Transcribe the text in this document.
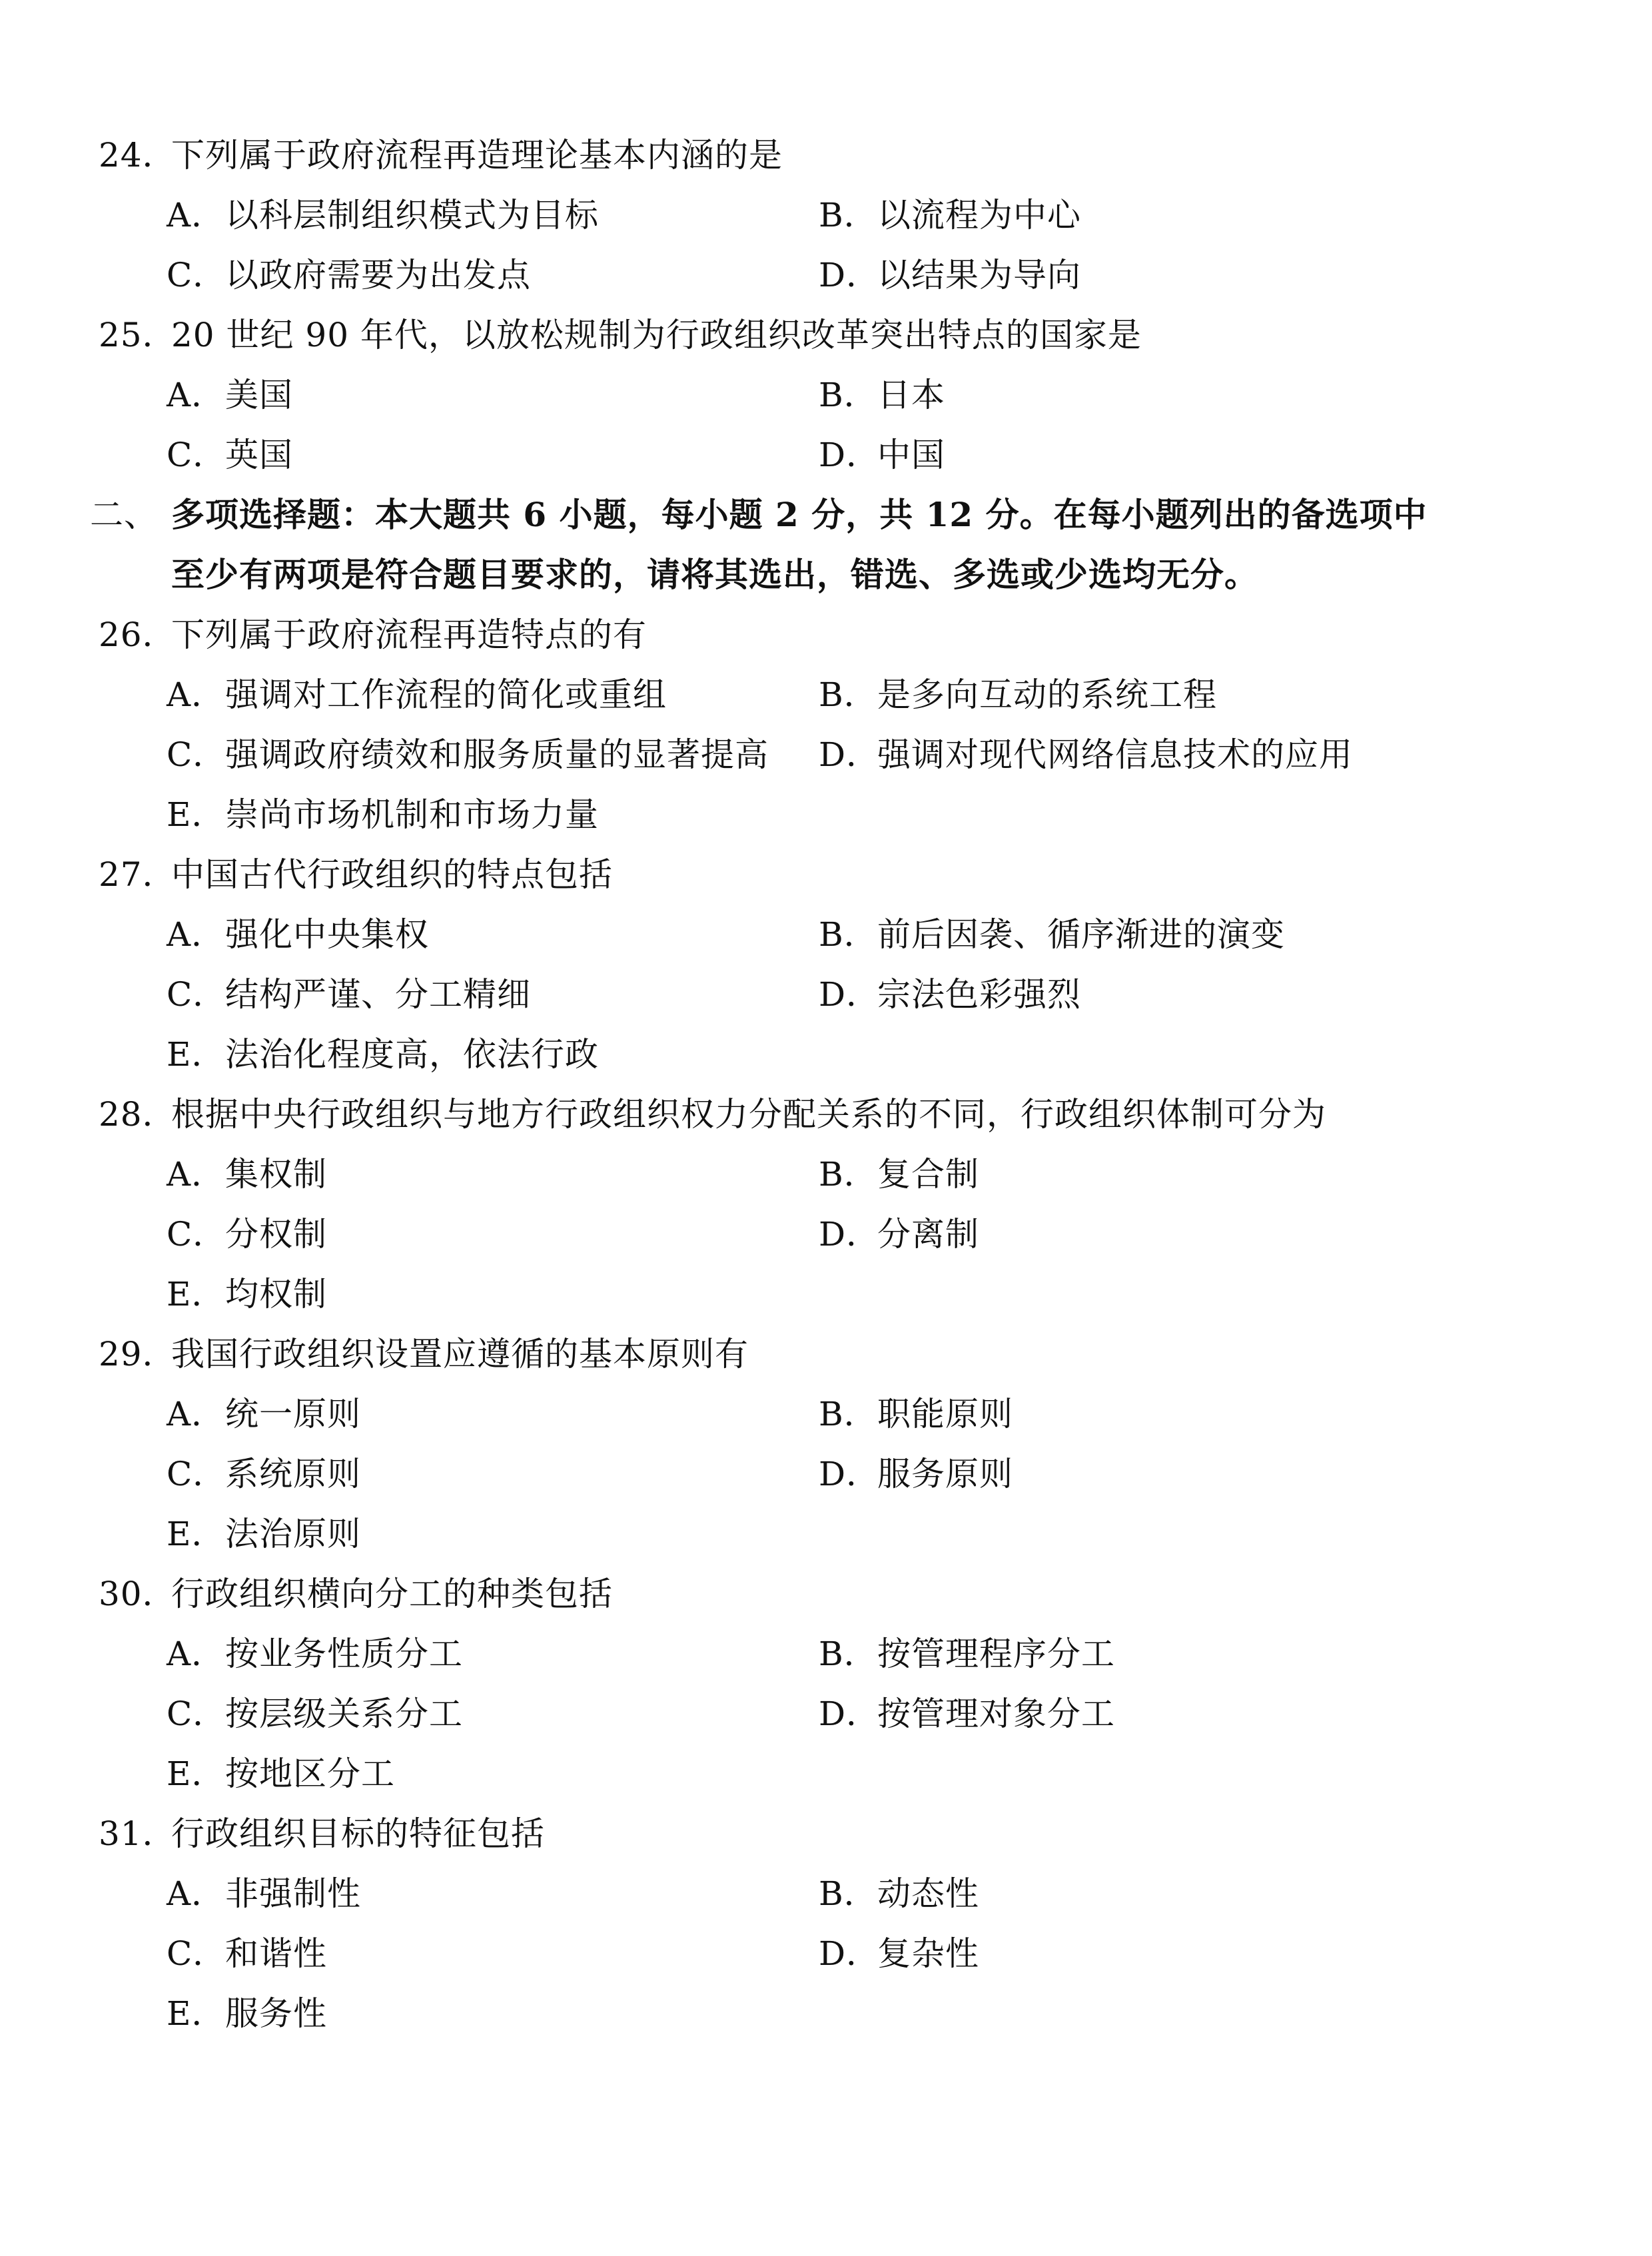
24．
下列属于政府流程再造理论基本内涵的是
A． 以科层制组织模式为目标	B． 以流程为中心
C．
以政府需要为出发点	D．
以结果为导向
25．
20 世纪 90 年代，以放松规制为行政组织改革突出特点的国家是
A． 美国	B． 日本
C．
英国	D．
中国
二、 多项选择题：本大题共 6 小题，每小题 2 分，共 12 分。在每小题列出的备选项中
至少有两项是符合题目要求的，请将其选出，错选、多选或少选均无分。
26．
下列属于政府流程再造特点的有
A． 强调对工作流程的简化或重组	B． 是多向互动的系统工程
C．
强调政府绩效和服务质量的显著提高 D．
强调对现代网络信息技术的应用
E． 崇尚市场机制和市场力量
27．
中国古代行政组织的特点包括
A． 强化中央集权	B． 前后因袭、循序渐进的演变
C．
结构严谨、分工精细	D．
宗法色彩强烈
E． 法治化程度高，依法行政
28．
根据中央行政组织与地方行政组织权力分配关系的不同，行政组织体制可分为
A． 集权制	B． 复合制
C．
分权制	D．
分离制
E． 均权制
29．
我国行政组织设置应遵循的基本原则有
A． 统一原则	B． 职能原则
C．
系统原则	D．
服务原则
E． 法治原则
30．
行政组织横向分工的种类包括
A． 按业务性质分工	B． 按管理程序分工
C．
按层级关系分工	D．
按管理对象分工
E． 按地区分工
31．
行政组织目标的特征包括
A． 非强制性	B． 动态性
C．
和谐性	D．
复杂性
E． 服务性
